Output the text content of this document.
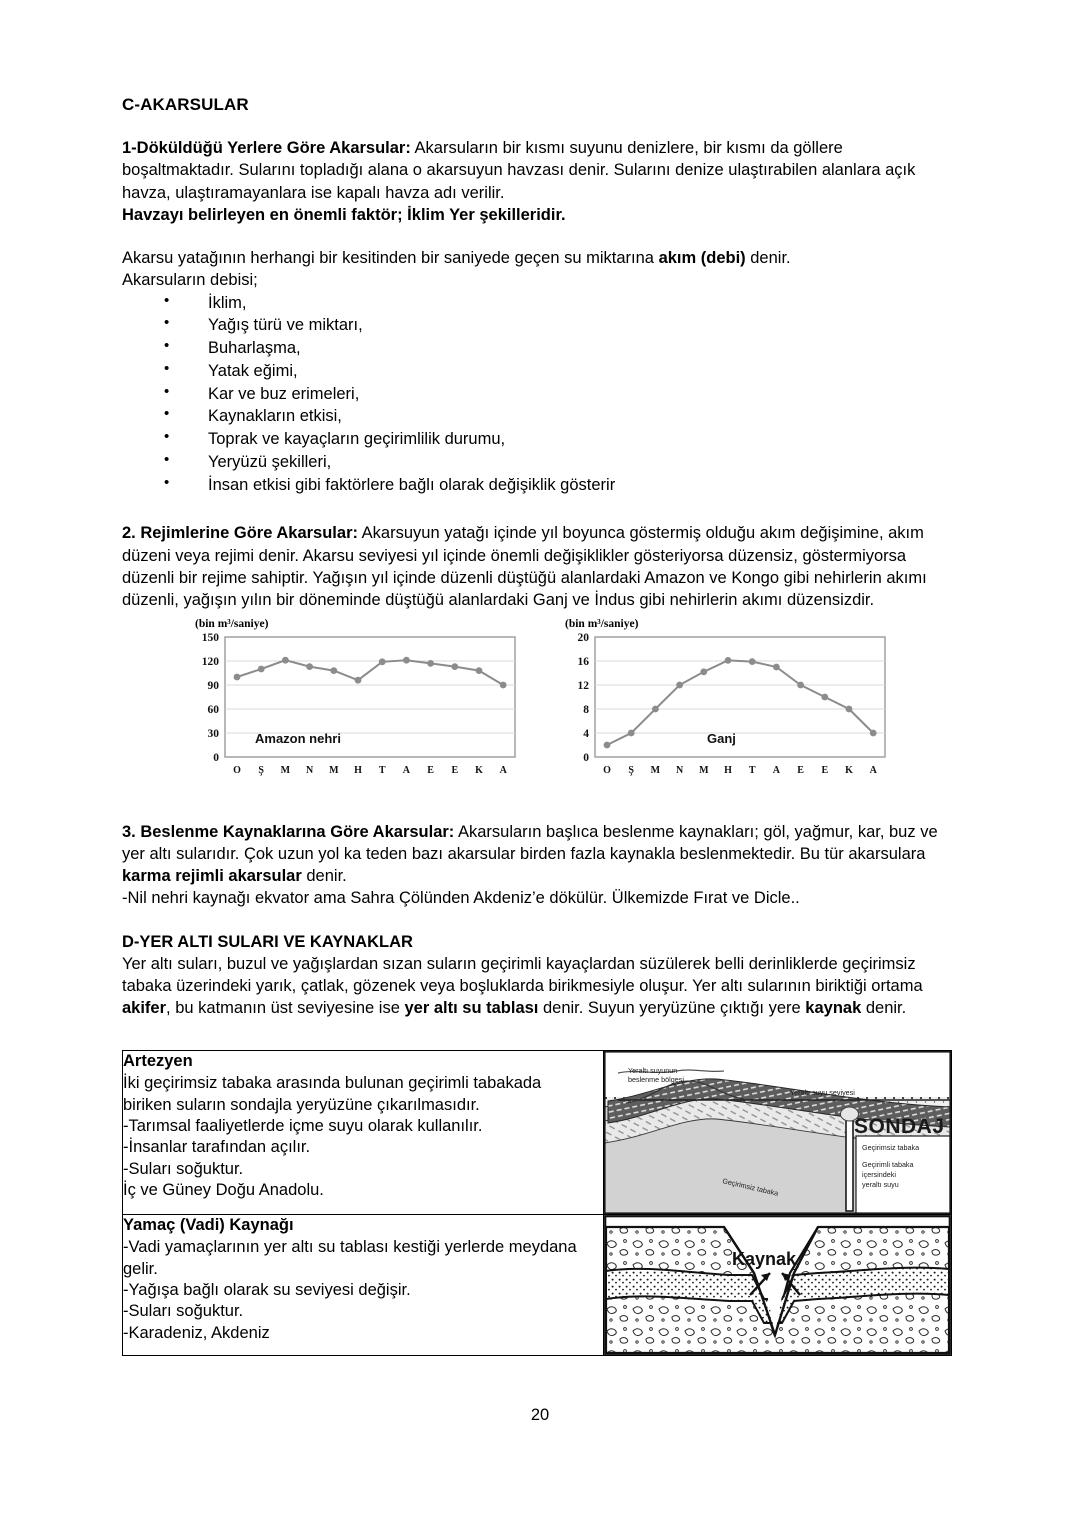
C-AKARSULAR

1-Döküldüğü Yerlere Göre Akarsular: Akarsuların bir kısmı suyunu denizlere, bir kısmı da göllere boşaltmaktadır. Sularını topladığı alana o akarsuyun havzası denir. Sularını denize ulaştırabilen alanlara açık havza, ulaştıramayanlara ise kapalı havza adı verilir.
Havzayı belirleyen en önemli faktör; İklim Yer şekilleridir.

Akarsu yatağının herhangi bir kesitinden bir saniyede geçen su miktarına akım (debi) denir.
Akarsuların debisi;

• İklim,
• Yağış türü ve miktarı,
• Buharlaşma,
• Yatak eğimi,
• Kar ve buz erimeleri,
• Kaynakların etkisi,
• Toprak ve kayaçların geçirimlilik durumu,
• Yeryüzü şekilleri,
• İnsan etkisi gibi faktörlere bağlı olarak değişiklik gösterir

2. Rejimlerine Göre Akarsular: Akarsuyun yatağı içinde yıl boyunca göstermiş olduğu akım değişimine, akım düzeni veya rejimi denir. Akarsu seviyesi yıl içinde önemli değişiklikler gösteriyorsa düzensiz, göstermiyorsa düzenli bir rejime sahiptir. Yağışın yıl içinde düzenli düştüğü alanlardaki Amazon ve Kongo gibi nehirlerin akımı düzenli, yağışın yılın bir döneminde düştüğü alanlardaki Ganj ve İndus gibi nehirlerin akımı düzensizdir.

(bin m³/saniye)
0
30
60
90
120
150
Amazon nehri
O Ş M N M H T A E E K A
(bin m³/saniye)
0
4
8
12
16
20
Ganj
O Ş M N M H T A E E K A

3. Beslenme Kaynaklarına Göre Akarsular: Akarsuların başlıca beslenme kaynakları; göl, yağmur, kar, buz ve yer altı sularıdır. Çok uzun yol ka teden bazı akarsular birden fazla kaynakla beslenmektedir. Bu tür akarsulara karma rejimli akarsular denir.
-Nil nehri kaynağı ekvator ama Sahra Çölünden Akdeniz’e dökülür. Ülkemizde Fırat ve Dicle..

D-YER ALTI SULARI VE KAYNAKLAR

Yer altı suları, buzul ve yağışlardan sızan suların geçirimli kayaçlardan süzülerek belli derinliklerde geçirimsiz tabaka üzerindeki yarık, çatlak, gözenek veya boşluklarda birikmesiyle oluşur. Yer altı sularının biriktiği ortama akifer, bu katmanın üst seviyesine ise yer altı su tablası denir. Suyun yeryüzüne çıktığı yere kaynak denir.

Artezyen
İki geçirimsiz tabaka arasında bulunan geçirimli tabakada
biriken suların sondajla yeryüzüne çıkarılmasıdır.
-Tarımsal faaliyetlerde içme suyu olarak kullanılır.
-İnsanlar tarafından açılır.
-Suları soğuktur.
İç ve Güney Doğu Anadolu.

Yeraltı suyunun
beslenme bölgesi
Yeraltı suyu seviyesi
SONDAJ
Geçirimsiz tabaka
Geçirimli tabaka
içersindeki
yeraltı suyu
Geçirimsiz tabaka

Yamaç (Vadi) Kaynağı
-Vadi yamaçlarının yer altı su tablası kestiği yerlerde meydana
gelir.
-Yağışa bağlı olarak su seviyesi değişir.
-Suları soğuktur.
-Karadeniz, Akdeniz

Kaynak
20
